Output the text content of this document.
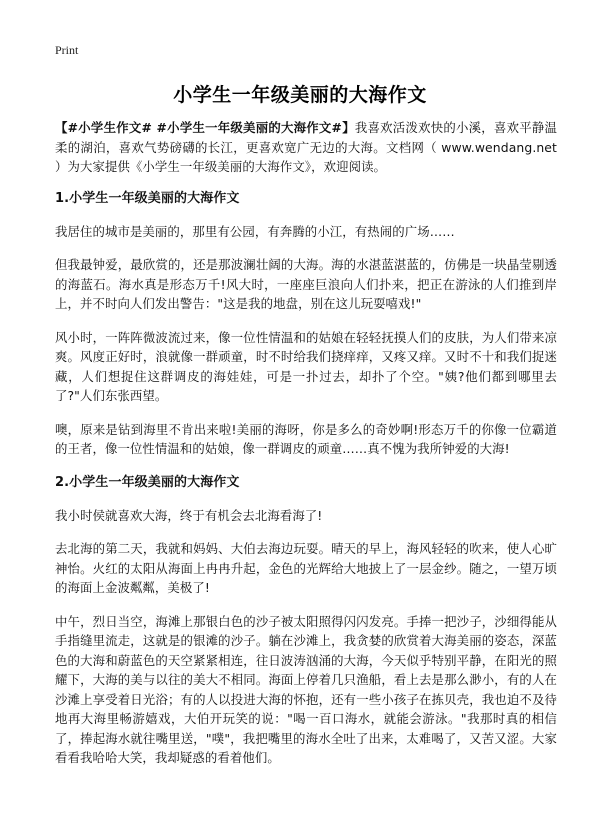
Print
小学生一年级美丽的大海作文

【#小学生作文# #小学生一年级美丽的大海作文#】我喜欢活泼欢快的小溪，喜欢平静温柔的湖泊，喜欢气势磅礴的长江，更喜欢宽广无边的大海。文档网（ www.wendang.net ）为大家提供《小学生一年级美丽的大海作文》，欢迎阅读。

1.小学生一年级美丽的大海作文

我居住的城市是美丽的，那里有公园，有奔腾的小江，有热闹的广场……

但我最钟爱，最欣赏的，还是那波澜壮阔的大海。海的水湛蓝湛蓝的，仿佛是一块晶莹剔透的海蓝石。海水真是形态万千!风大时，一座座巨浪向人们扑来，把正在游泳的人们推到岸上，并不时向人们发出警告："这是我的地盘，别在这儿玩耍嘻戏!"

风小时，一阵阵微波流过来，像一位性情温和的姑娘在轻轻抚摸人们的皮肤，为人们带来凉爽。风度正好时，浪就像一群顽童，时不时给我们挠痒痒，又疼又痒。又时不十和我们捉迷藏，人们想捉住这群调皮的海娃娃，可是一扑过去，却扑了个空。"姨?他们都到哪里去了?"人们东张西望。

噢，原来是钻到海里不肯出来啦!美丽的海呀，你是多么的奇妙啊!形态万千的你像一位霸道的王者，像一位性情温和的姑娘，像一群调皮的顽童……真不愧为我所钟爱的大海!

2.小学生一年级美丽的大海作文

我小时侯就喜欢大海，终于有机会去北海看海了!

去北海的第二天，我就和妈妈、大伯去海边玩耍。晴天的早上，海风轻轻的吹来，使人心旷神怡。火红的太阳从海面上冉冉升起，金色的光辉给大地披上了一层金纱。随之，一望万顷的海面上金波粼粼，美极了!

中午，烈日当空，海滩上那银白色的沙子被太阳照得闪闪发亮。手捧一把沙子，沙细得能从手指缝里流走，这就是的银滩的沙子。躺在沙滩上，我贪婪的欣赏着大海美丽的姿态，深蓝色的大海和蔚蓝色的天空紧紧相连，往日波涛汹涌的大海，今天似乎特别平静，在阳光的照耀下，大海的美与以往的美大不相同。海面上停着几只渔船，看上去是那么渺小，有的人在沙滩上享受着日光浴；有的人以投进大海的怀抱，还有一些小孩子在拣贝壳，我也迫不及待地再大海里畅游嬉戏，大伯开玩笑的说："喝一百口海水，就能会游泳。"我那时真的相信了，捧起海水就往嘴里送，"噗"，我把嘴里的海水全吐了出来，太难喝了，又苦又涩。大家看看我哈哈大笑，我却疑惑的看着他们。
